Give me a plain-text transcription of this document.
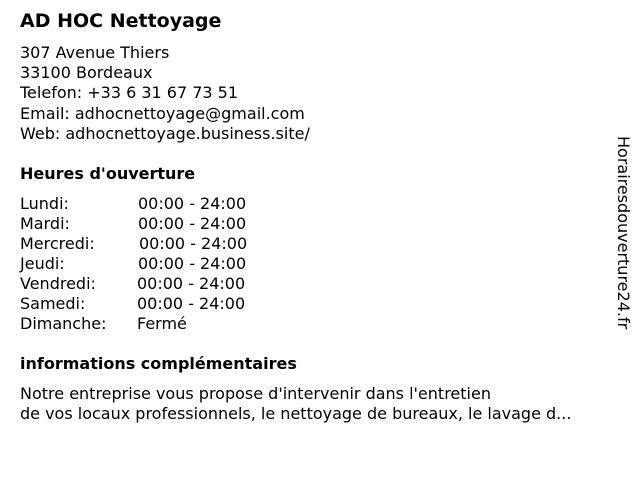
AD HOC Nettoyage
307 Avenue Thiers
33100 Bordeaux
Telefon: +33 6 31 67 73 51
Email: adhocnettoyage@gmail.com
Web: adhocnettoyage.business.site/
Heures d'ouverture
Lundi:	00:00 - 24:00
Mardi:	00:00 - 24:00
Mercredi:	00:00 - 24:00
Jeudi:	00:00 - 24:00
Vendredi:	00:00 - 24:00
Samedi:	00:00 - 24:00
Dimanche: Fermé
informations complémentaires
Notre entreprise vous propose d'intervenir dans l'entretien
de vos locaux professionnels, le nettoyage de bureaux, le lavage d...
Horairesdouverture24.fr
